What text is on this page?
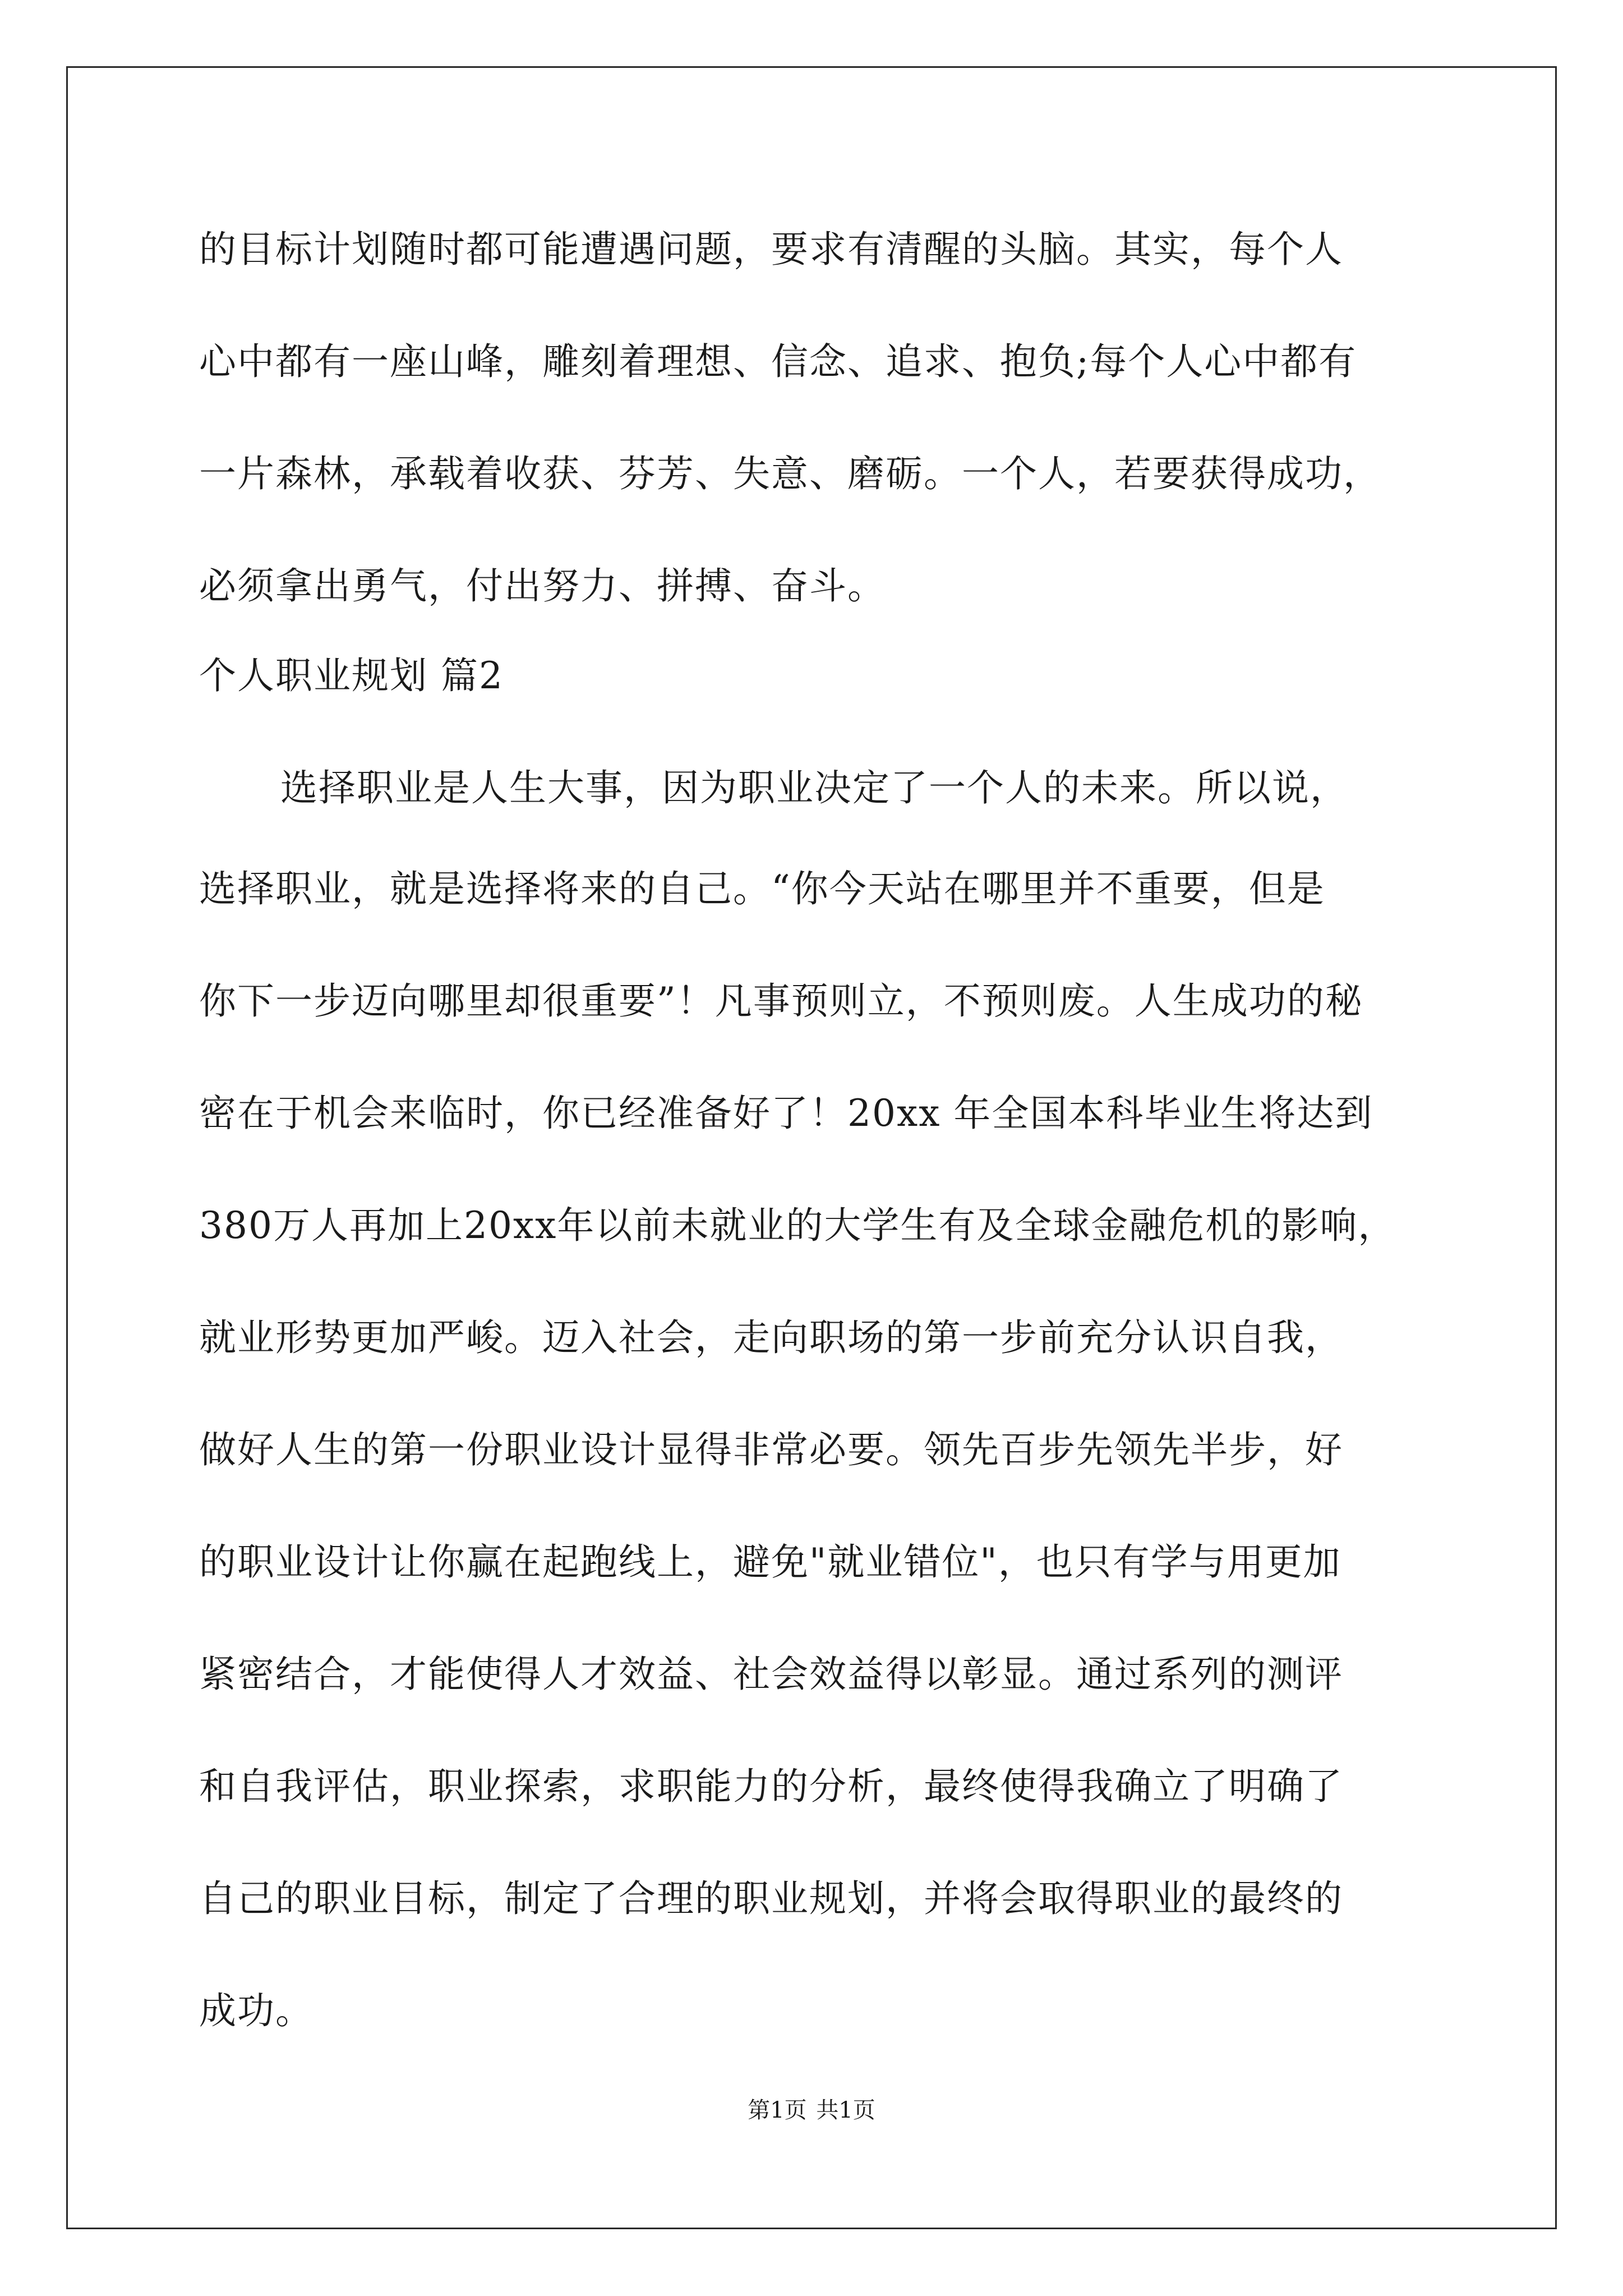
的目标计划随时都可能遭遇问题，要求有清醒的头脑。其实，每个人
心中都有一座山峰，雕刻着理想、信念、追求、抱负;每个人心中都有
一片森林，承载着收获、芬芳、失意、磨砺。一个人，若要获得成功，
必须拿出勇气，付出努力、拼搏、奋斗。
个人职业规划 篇2
选择职业是人生大事，因为职业决定了一个人的未来。所以说，
选择职业，就是选择将来的自己。“你今天站在哪里并不重要，但是
你下一步迈向哪里却很重要”！凡事预则立，不预则废。人生成功的秘
密在于机会来临时，你已经准备好了！20xx 年全国本科毕业生将达到
380万人再加上20xx年以前未就业的大学生有及全球金融危机的影响，
就业形势更加严峻。迈入社会，走向职场的第一步前充分认识自我，
做好人生的第一份职业设计显得非常必要。领先百步先领先半步，好
的职业设计让你赢在起跑线上，避免"就业错位"，也只有学与用更加
紧密结合，才能使得人才效益、社会效益得以彰显。通过系列的测评
和自我评估，职业探索，求职能力的分析，最终使得我确立了明确了
自己的职业目标，制定了合理的职业规划，并将会取得职业的最终的
成功。
第1页 共1页
